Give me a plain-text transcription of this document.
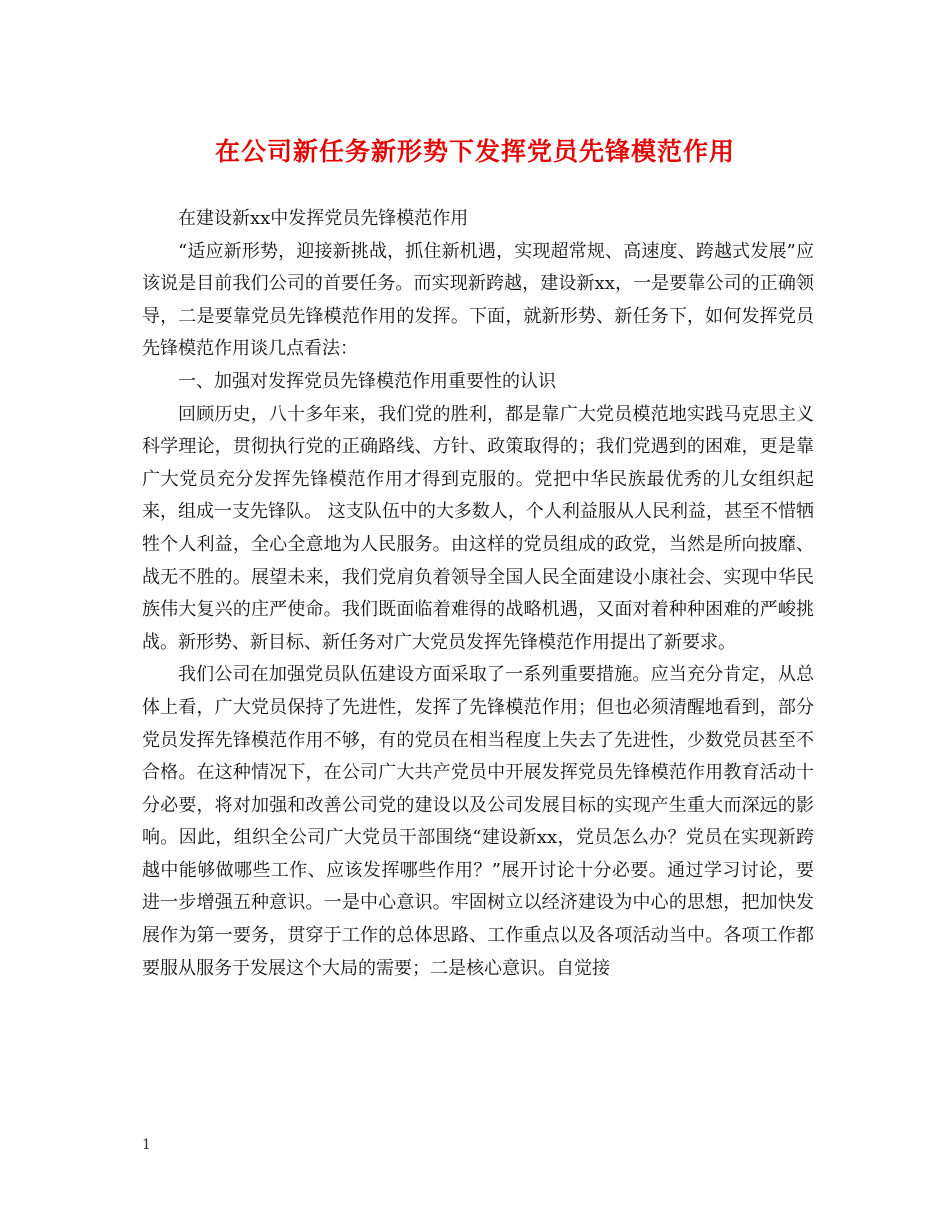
在公司新任务新形势下发挥党员先锋模范作用

在建设新xx中发挥党员先锋模范作用

“适应新形势，迎接新挑战，抓住新机遇，实现超常规、高速度、跨越式发展”应该说是目前我们公司的首要任务。而实现新跨越，建设新xx，一是要靠公司的正确领导，二是要靠党员先锋模范作用的发挥。下面，就新形势、新任务下，如何发挥党员先锋模范作用谈几点看法：

一、加强对发挥党员先锋模范作用重要性的认识

回顾历史，八十多年来，我们党的胜利，都是靠广大党员模范地实践马克思主义科学理论，贯彻执行党的正确路线、方针、政策取得的；我们党遇到的困难，更是靠广大党员充分发挥先锋模范作用才得到克服的。党把中华民族最优秀的儿女组织起来，组成一支先锋队。 这支队伍中的大多数人，个人利益服从人民利益，甚至不惜牺牲个人利益，全心全意地为人民服务。由这样的党员组成的政党，当然是所向披靡、战无不胜的。展望未来，我们党肩负着领导全国人民全面建设小康社会、实现中华民族伟大复兴的庄严使命。我们既面临着难得的战略机遇，又面对着种种困难的严峻挑战。新形势、新目标、新任务对广大党员发挥先锋模范作用提出了新要求。

我们公司在加强党员队伍建设方面采取了一系列重要措施。应当充分肯定，从总体上看，广大党员保持了先进性，发挥了先锋模范作用；但也必须清醒地看到，部分党员发挥先锋模范作用不够，有的党员在相当程度上失去了先进性，少数党员甚至不合格。在这种情况下，在公司广大共产党员中开展发挥党员先锋模范作用教育活动十分必要，将对加强和改善公司党的建设以及公司发展目标的实现产生重大而深远的影响。因此，组织全公司广大党员干部围绕“建设新xx，党员怎么办？党员在实现新跨越中能够做哪些工作、应该发挥哪些作用？”展开讨论十分必要。通过学习讨论，要进一步增强五种意识。一是中心意识。牢固树立以经济建设为中心的思想，把加快发展作为第一要务，贯穿于工作的总体思路、工作重点以及各项活动当中。各项工作都要服从服务于发展这个大局的需要；二是核心意识。自觉接

1
